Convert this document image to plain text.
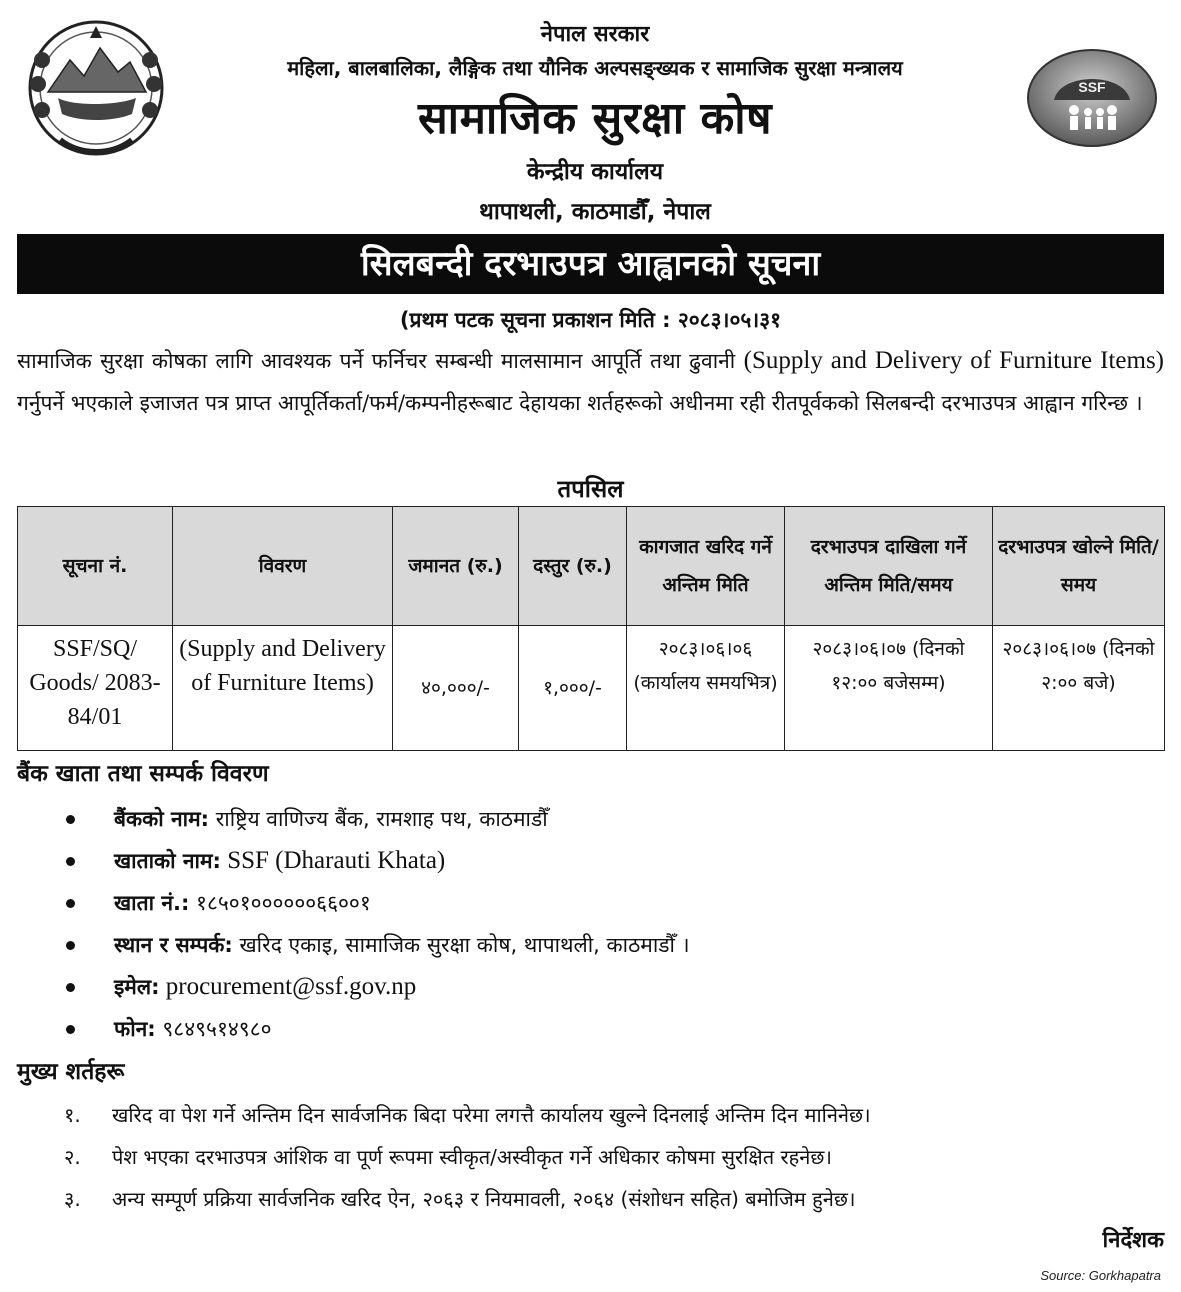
SSF
नेपाल सरकार
महिला, बालबालिका, लैङ्गिक तथा यौनिक अल्पसङ्ख्यक र सामाजिक सुरक्षा मन्त्रालय
सामाजिक सुरक्षा कोष
केन्द्रीय कार्यालय
थापाथली, काठमाडौँ, नेपाल
सिलबन्दी दरभाउपत्र आह्वानको सूचना
(प्रथम पटक सूचना प्रकाशन मिति : २०८३।०५।३१
सामाजिक सुरक्षा कोषका लागि आवश्यक पर्ने फर्निचर सम्बन्धी मालसामान आपूर्ति तथा ढुवानी (Supply and Delivery of Furniture Items) गर्नुपर्ने भएकाले इजाजत पत्र प्राप्त आपूर्तिकर्ता/फर्म/कम्पनीहरूबाट देहायका शर्तहरूको अधीनमा रही रीतपूर्वकको सिलबन्दी दरभाउपत्र आह्वान गरिन्छ ।
तपसिल
सूचना नं.	विवरण	जमानत (रु.)	दस्तुर (रु.)	कागजात खरिद गर्ने अन्तिम मिति	दरभाउपत्र दाखिला गर्ने अन्तिम मिति/समय	दरभाउपत्र खोल्ने मिति/समय
SSF/SQ/ Goods/ 2083-84/01	(Supply and Delivery of Furniture Items)	४०,०००/-	१,०००/-	२०८३।०६।०६ (कार्यालय समयभित्र)	२०८३।०६।०७ (दिनको १२:०० बजेसम्म)	२०८३।०६।०७ (दिनको २:०० बजे)
बैंक खाता तथा सम्पर्क विवरण
बैंकको नाम: राष्ट्रिय वाणिज्य बैंक, रामशाह पथ, काठमाडौँ
खाताको नाम: SSF (Dharauti Khata)
खाता नं.: १८५०१००००००६६००१
स्थान र सम्पर्क: खरिद एकाइ, सामाजिक सुरक्षा कोष, थापाथली, काठमाडौँ ।
इमेल: procurement@ssf.gov.np
फोन: ९८४९५१४९८०
मुख्य शर्तहरू
१. खरिद वा पेश गर्ने अन्तिम दिन सार्वजनिक बिदा परेमा लगत्तै कार्यालय खुल्ने दिनलाई अन्तिम दिन मानिनेछ।
२. पेश भएका दरभाउपत्र आंशिक वा पूर्ण रूपमा स्वीकृत/अस्वीकृत गर्ने अधिकार कोषमा सुरक्षित रहनेछ।
३. अन्य सम्पूर्ण प्रक्रिया सार्वजनिक खरिद ऐन, २०६३ र नियमावली, २०६४ (संशोधन सहित) बमोजिम हुनेछ।
निर्देशक
Source: Gorkhapatra
